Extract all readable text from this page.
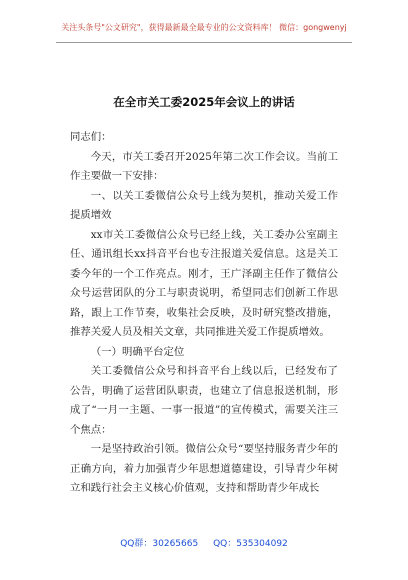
关注头条号"公文研究"，获得最新最全最专业的公文资料库！ 微信：gongwenyj
在全市关工委2025年会议上的讲话

同志们：

今天，市关工委召开2025年第二次工作会议。当前工作主要做一下安排：

一、以关工委微信公众号上线为契机，推动关爱工作提质增效

xx市关工委微信公众号已经上线，关工委办公室副主任、通讯组长xx抖音平台也专注报道关爱信息。这是关工委今年的一个工作亮点。刚才，王广泽副主任作了微信公众号运营团队的分工与职责说明，希望同志们创新工作思路，跟上工作节奏，收集社会反映，及时研究整改措施，推荐关爱人员及相关文章，共同推进关爱工作提质增效。

（一）明确平台定位

关工委微信公众号和抖音平台上线以后，已经发布了公告，明确了运营团队职责，也建立了信息报送机制，形成了“一月一主题、一事一报道”的宣传模式，需要关注三个焦点：

一是坚持政治引领。微信公众号“要坚持服务青少年的正确方向，着力加强青少年思想道德建设，引导青少年树立和践行社会主义核心价值观，支持和帮助青少年成长

QQ群：30265665 QQ：535304092
